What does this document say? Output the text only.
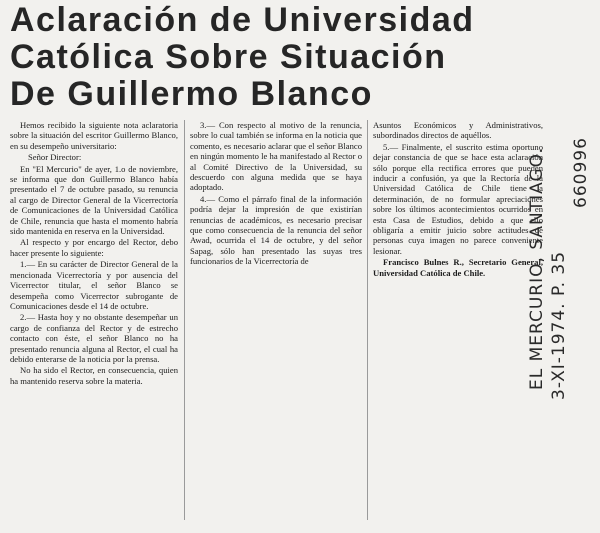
Aclaración de Universidad
Católica Sobre Situación
De Guillermo Blanco

Hemos recibido la siguiente nota aclaratoria sobre la situación del escritor Guillermo Blanco, en su desempeño universitario:

Señor Director:

En "El Mercurio" de ayer, 1.o de noviembre, se informa que don Guillermo Blanco había presentado el 7 de octubre pasado, su renuncia al cargo de Director General de la Vicerrectoría de Comunicaciones de la Universidad Católica de Chile, renuncia que hasta el momento habría sido mantenida en reserva en la Universidad.

Al respecto y por encargo del Rector, debo hacer presente lo siguiente:

1.— En su carácter de Director General de la mencionada Vicerrectoría y por ausencia del Vicerrector titular, el señor Blanco se desempeña como Vicerrector subrogante de Comunicaciones desde el 14 de octubre.

2.— Hasta hoy y no obstante desempeñar un cargo de confianza del Rector y de estrecho contacto con éste, el señor Blanco no ha presentado renuncia alguna al Rector, el cual ha debido enterarse de la noticia por la prensa.

No ha sido el Rector, en consecuencia, quien ha mantenido reserva sobre la materia.

3.— Con respecto al motivo de la renuncia, sobre lo cual también se informa en la noticia que comento, es necesario aclarar que el señor Blanco en ningún momento le ha manifestado al Rector o al Comité Directivo de la Universidad, su descuerdo con alguna medida que se haya adoptado.

4.— Como el párrafo final de la información podría dejar la impresión de que existirían renuncias de académicos, es necesario precisar que como consecuencia de la renuncia del señor Awad, ocurrida el 14 de octubre, y del señor Sapag, sólo han presentado las suyas tres funcionarios de la Vicerrectoría de

Asuntos Económicos y Administrativos, subordinados directos de aquéllos.

5.— Finalmente, el suscrito estima oportuno dejar constancia de que se hace esta aclaración sólo porque ella rectifica errores que pueden inducir a confusión, ya que la Rectoría de la Universidad Católica de Chile tiene la determinación, de no formular apreciaciones sobre los últimos acontecimientos ocurridos en esta Casa de Estudios, debido a que ello obligaría a emitir juicio sobre actitudes de personas cuya imagen no parece conveniente lesionar.

Francisco Bulnes R., Secretario General, Universidad Católica de Chile.	EL MERCURIO, SANTIAGO. 3-XI-1974. P. 35
660996
